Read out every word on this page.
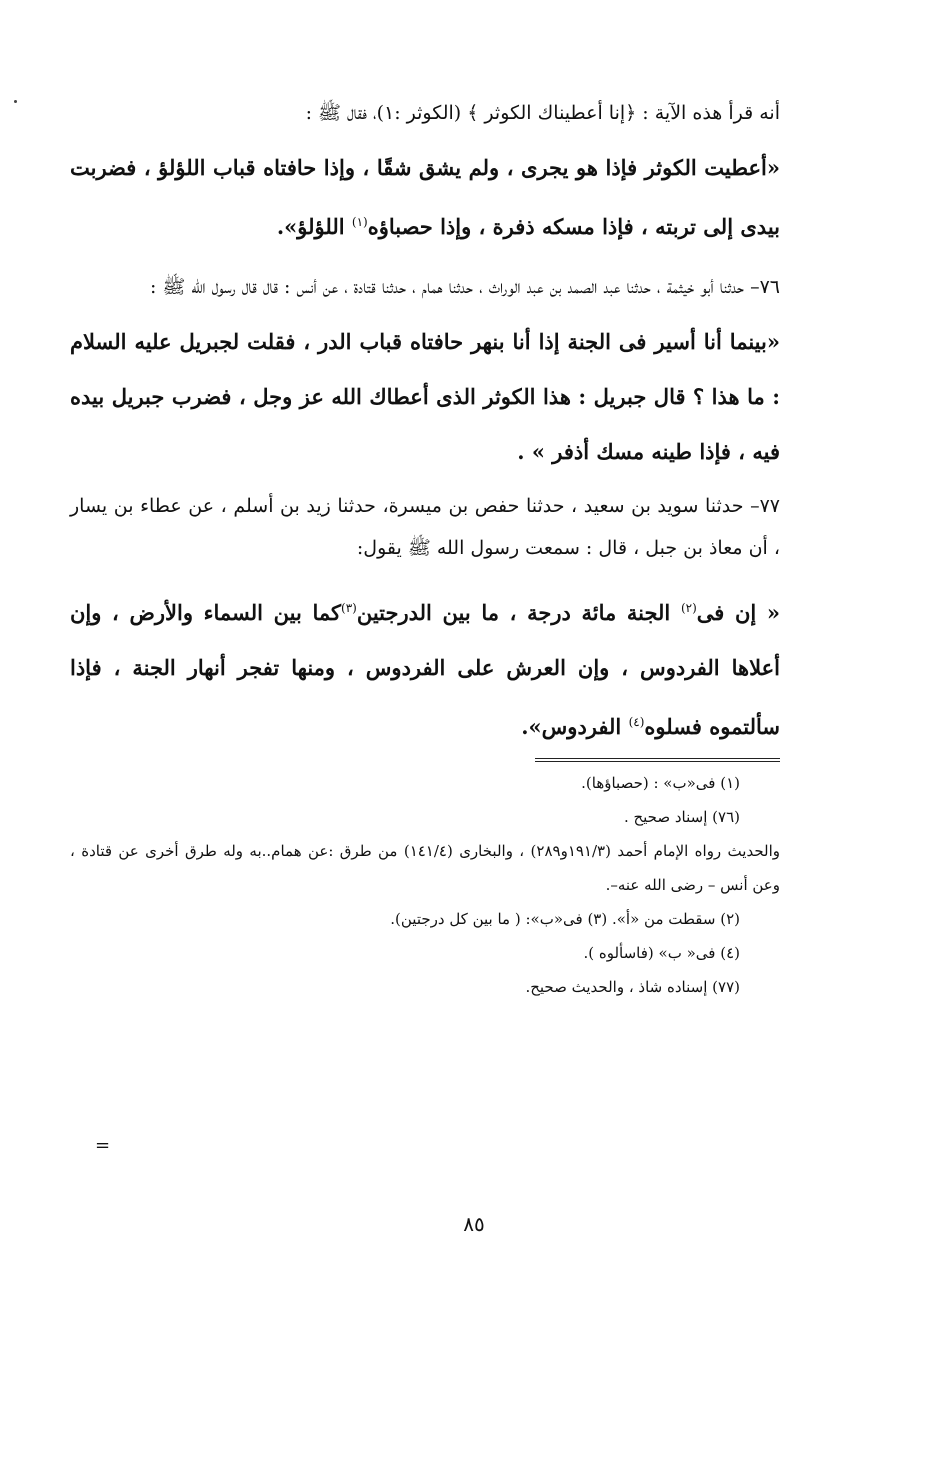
أنه قرأ هذه الآية : ﴿إنا أعطيناك الكوثر ﴾ (الكوثر :١)، فقال ﷺ :

«أعطيت الكوثر فإذا هو يجرى ، ولم يشق شقًا ، وإذا حافتاه قباب اللؤلؤ ، فضربت بيدى إلى تربته ، فإذا مسكه ذفرة ، وإذا حصباؤه$^{(١)}$ اللؤلؤ».

٧٦– حدثنا أبو خيثمة ، حدثنا عبد الصمد بن عبد الوراث ، حدثنا همام ، حدثنا قتادة ، عن أنس : قال قال رسول الله ﷺ :

«بينما أنا أسير فى الجنة إذا أنا بنهر حافتاه قباب الدر ، فقلت لجبريل عليه السلام : ما هذا ؟ قال جبريل : هذا الكوثر الذى أعطاك الله عز وجل ، فضرب جبريل بيده فيه ، فإذا طينه مسك أذفر » .

٧٧– حدثنا سويد بن سعيد ، حدثنا حفص بن ميسرة، حدثنا زيد بن أسلم ، عن عطاء بن يسار ، أن معاذ بن جبل ، قال : سمعت رسول الله ﷺ يقول:

« إن فى$^{(٢)}$ الجنة مائة درجة ، ما بين الدرجتين$^{(٣)}$كما بين السماء والأرض ، وإن أعلاها الفردوس ، وإن العرش على الفردوس ، ومنها تفجر أنهار الجنة ، فإذا سألتموه فسلوه$^{(٤)}$ الفردوس».

(١) فى«ب» : (حصباؤها).

(٧٦) إسناد صحيح .

والحديث رواه الإمام أحمد (١٩١/٣و٢٨٩) ، والبخارى (١٤١/٤) من طرق :عن همام..به وله طرق أخرى عن قتادة ، وعن أنس – رضى الله عنه–.

(٢) سقطت من «أ». (٣) فى«ب»: ( ما بين كل درجتين).

(٤) فى« ب» (فاسألوه ).

(٧٧) إسناده شاذ ، والحديث صحيح.

=
٨٥
